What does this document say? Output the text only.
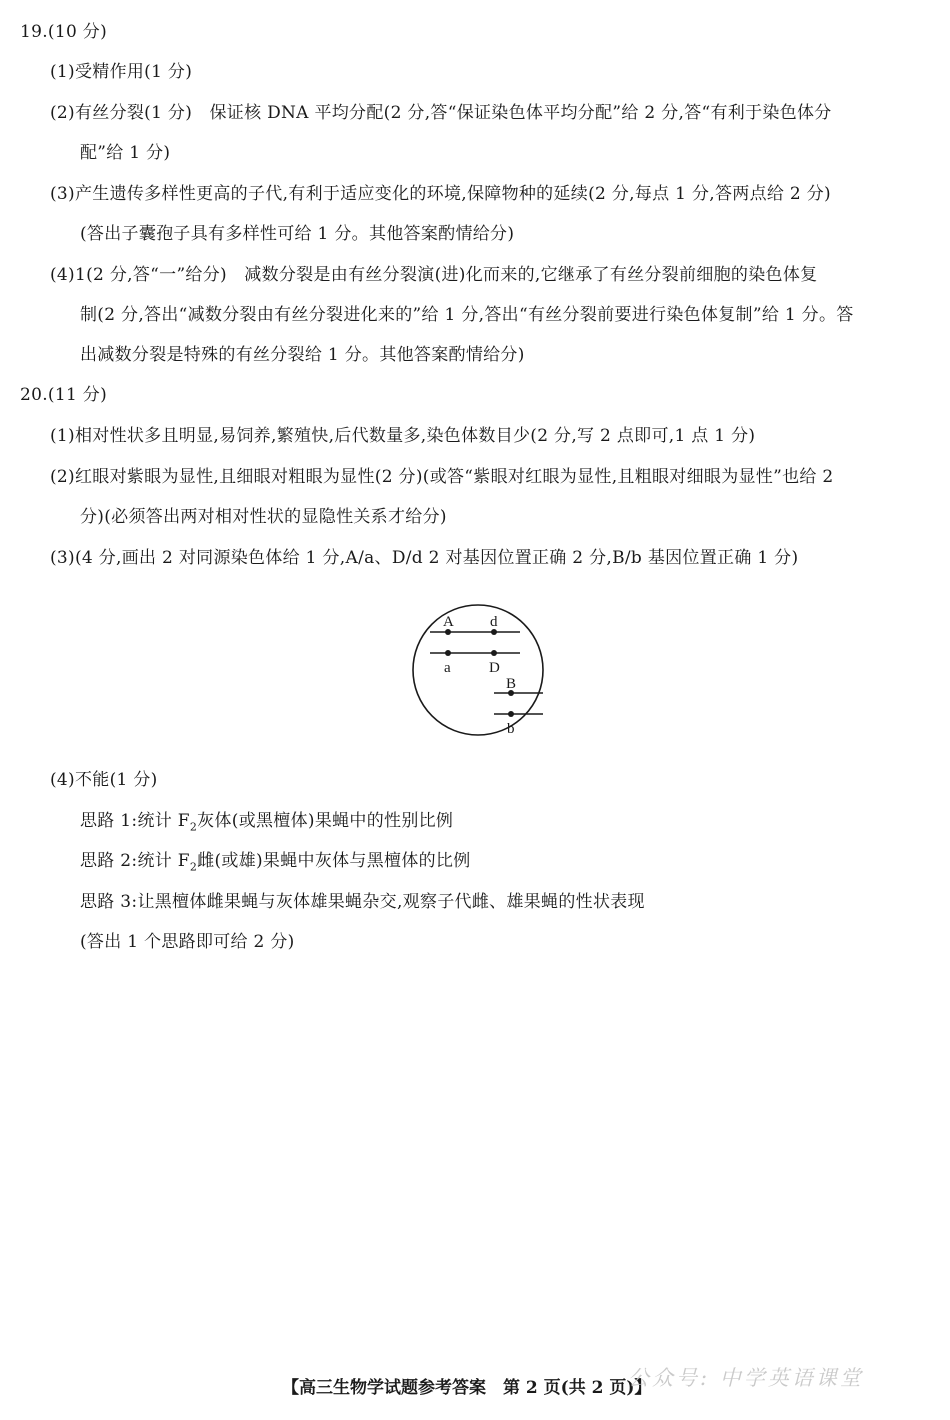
19.(10 分)
(1)受精作用(1 分)
(2)有丝分裂(1 分)　保证核 DNA 平均分配(2 分,答“保证染色体平均分配”给 2 分,答“有利于染色体分
配”给 1 分)
(3)产生遗传多样性更高的子代,有利于适应变化的环境,保障物种的延续(2 分,每点 1 分,答两点给 2 分)
(答出子囊孢子具有多样性可给 1 分。其他答案酌情给分)
(4)1(2 分,答“一”给分)　减数分裂是由有丝分裂演(进)化而来的,它继承了有丝分裂前细胞的染色体复
制(2 分,答出“减数分裂由有丝分裂进化来的”给 1 分,答出“有丝分裂前要进行染色体复制”给 1 分。答
出减数分裂是特殊的有丝分裂给 1 分。其他答案酌情给分)
20.(11 分)
(1)相对性状多且明显,易饲养,繁殖快,后代数量多,染色体数目少(2 分,写 2 点即可,1 点 1 分)
(2)红眼对紫眼为显性,且细眼对粗眼为显性(2 分)(或答“紫眼对红眼为显性,且粗眼对细眼为显性”也给 2
分)(必须答出两对相对性状的显隐性关系才给分)
(3)(4 分,画出 2 对同源染色体给 1 分,A/a、D/d 2 对基因位置正确 2 分,B/b 基因位置正确 1 分)
A d
a	D
B
b
(4)不能(1 分)
思路 1:统计 $F_2$灰体(或黑檀体)果蝇中的性别比例
思路 2:统计 $F_2$雌(或雄)果蝇中灰体与黑檀体的比例
思路 3:让黑檀体雌果蝇与灰体雄果蝇杂交,观察子代雌、雄果蝇的性状表现
(答出 1 个思路即可给 2 分)
【高三生物学试题参考答案　第 2 页(共 2 页)】
公众号: 中学英语课堂
